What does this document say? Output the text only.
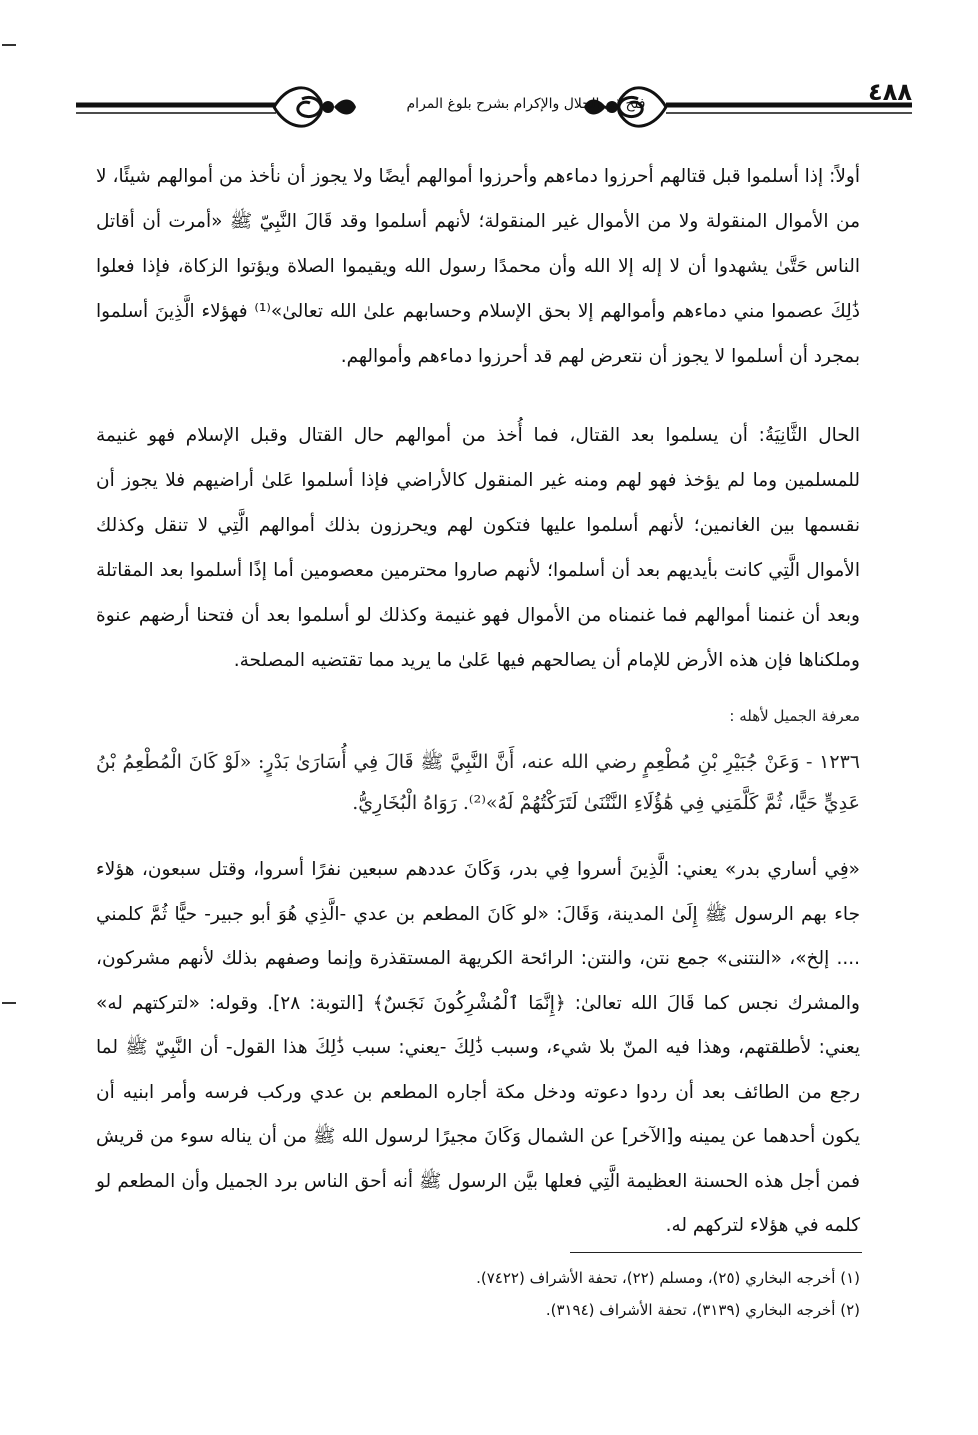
فتح ذي الجلال والإكرام بشرح بلوغ المرام	٤٨٨

أولاً: إذا أسلموا قبل قتالهم أحرزوا دماءهم وأحرزوا أموالهم أيضًا ولا يجوز أن نأخذ من أموالهم شيئًا، لا من الأموال المنقولة ولا من الأموال غير المنقولة؛ لأنهم أسلموا وقد قَالَ النَّبِيّ ﷺ «أمرت أن أقاتل الناس حَتَّىٰ يشهدوا أن لا إله إلا الله وأن محمدًا رسول الله ويقيموا الصلاة ويؤتوا الزكاة، فإذا فعلوا ذَٰلِكَ عصموا مني دماءهم وأموالهم إلا بحق الإسلام وحسابهم علىٰ الله تعالىٰ»⁽¹⁾ فهؤلاء الَّذِينَ أسلموا بمجرد أن أسلموا لا يجوز أن نتعرض لهم قد أحرزوا دماءهم وأموالهم.

الحال الثَّانِيَةُ: أن يسلموا بعد القتال، فما أُخذ من أموالهم حال القتال وقبل الإسلام فهو غنيمة للمسلمين وما لم يؤخذ فهو لهم ومنه غير المنقول كالأراضي فإذا أسلموا عَلىٰ أراضيهم فلا يجوز أن نقسمها بين الغانمين؛ لأنهم أسلموا عليها فتكون لهم ويحرزون بذلك أموالهم الَّتِي لا تنقل وكذلك الأموال الَّتِي كانت بأيديهم بعد أن أسلموا؛ لأنهم صاروا محترمين معصومين أما إذًا أسلموا بعد المقاتلة وبعد أن غنمنا أموالهم فما غنمناه من الأموال فهو غنيمة وكذلك لو أسلموا بعد أن فتحنا أرضهم عنوة وملكناها فإن هذه الأرض للإمام أن يصالحهم فيها عَلىٰ ما يريد مما تقتضيه المصلحة.

معرفة الجميل لأهله :

١٢٣٦ - وَعَنْ جُبَيْرِ بْنِ مُطْعِمٍ رضي الله عنه، أَنَّ النَّبِيَّ ﷺ قَالَ فِي أُسَارَىٰ بَدْرٍ: «لَوْ كَانَ الْمُطْعِمُ بْنُ عَدِيٍّ حَيًّا، ثُمَّ كَلَّمَنِي فِي هَٰؤُلَاءِ النَّتْنَىٰ لَتَرَكْتُهُمْ لَهُ»⁽²⁾. رَوَاهُ الْبُخَارِيُّ.

«فِي أساري بدر» يعني: الَّذِينَ أسروا فِي بدر، وَكَانَ عددهم سبعين نفرًا أسروا، وقتل سبعون، هؤلاء جاء بهم الرسول ﷺ إِلَىٰ المدينة، وَقَالَ: «لو كَانَ المطعم بن عدي -الَّذِي هُوَ أبو جبير- حيًّا ثُمَّ كلمني .... إلخ»، «النتنى» جمع نتن، والنتن: الرائحة الكريهة المستقذرة وإنما وصفهم بذلك لأنهم مشركون، والمشرك نجس كما قَالَ الله تعالىٰ: ﴿إِنَّمَا ٱلْمُشْرِكُونَ نَجَسٌ﴾ [التوبة: ٢٨]. وقوله: «لتركتهم له» يعني: لأطلقتهم، وهذا فيه المنّ بلا شيء، وسبب ذَٰلِكَ -يعني: سبب ذَٰلِكَ هذا القول- أن النَّبِيّ ﷺ لما رجع من الطائف بعد أن ردوا دعوته ودخل مكة أجاره المطعم بن عدي وركب فرسه وأمر ابنيه أن يكون أحدهما عن يمينه و[الآخر] عن الشمال وَكَانَ مجيرًا لرسول الله ﷺ من أن يناله سوء من قريش فمن أجل هذه الحسنة العظيمة الَّتِي فعلها بيَّن الرسول ﷺ أنه أحق الناس برد الجميل وأن المطعم لو كلمه في هؤلاء لتركهم له.

(١) أخرجه البخاري (٢٥)، ومسلم (٢٢)، تحفة الأشراف (٧٤٢٢).
(٢) أخرجه البخاري (٣١٣٩)، تحفة الأشراف (٣١٩٤).
